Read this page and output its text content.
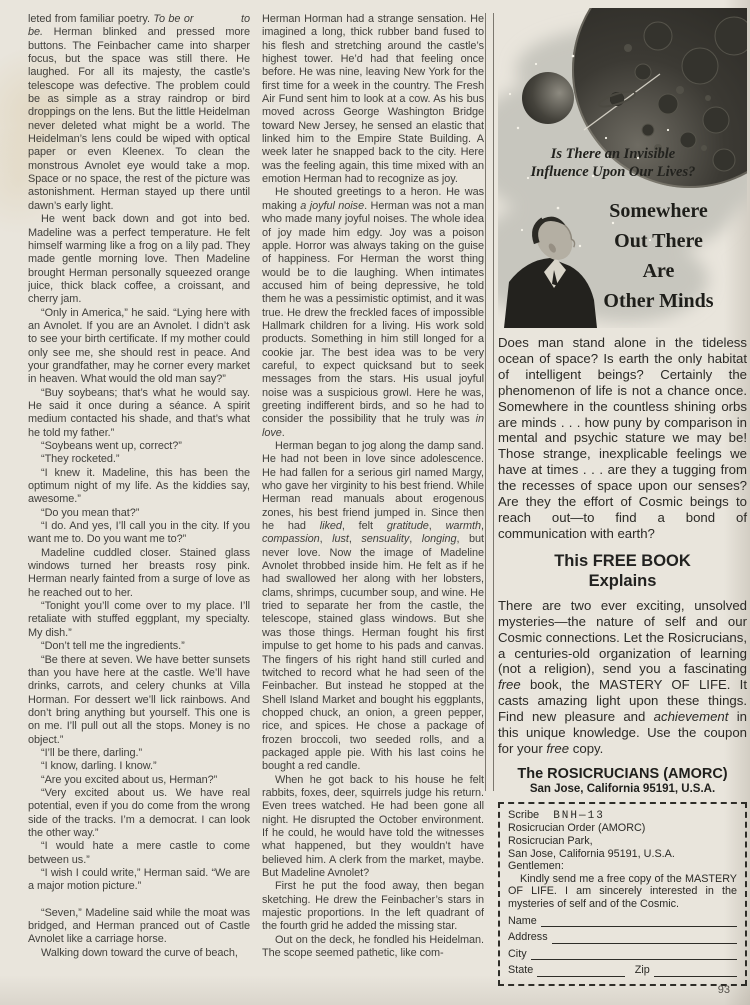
leted from familiar poetry. To be or              to be. Herman blinked and pressed more buttons. The Feinbacher came into sharper focus, but the space was still there. He laughed. For all its majesty, the castle’s telescope was defective. The problem could be as simple as a stray raindrop or bird droppings on the lens. But the little Heidelman never deleted what might be a world. The Heidelman’s lens could be wiped with optical paper or even Kleenex. To clean the monstrous Avnolet eye would take a mop. Space or no space, the rest of the picture was astonishment. Herman stayed up there until dawn’s early light.

He went back down and got into bed. Madeline was a perfect temperature. He felt himself warming like a frog on a lily pad. They made gentle morning love. Then Madeline brought Herman personally squeezed orange juice, thick black coffee, a croissant, and cherry jam.

“Only in America,” he said. “Lying here with an Avnolet. If you are an Avnolet. I didn’t ask to see your birth certificate. If my mother could only see me, she should rest in peace. And your grandfather, may he corner every market in heaven. What would the old man say?”

“Buy soybeans; that’s what he would say. He said it once during a séance. A spirit medium contacted his shade, and that’s what he told my father.”

“Soybeans went up, correct?”

“They rocketed.”

“I knew it. Madeline, this has been the optimum night of my life. As the kiddies say, awesome.”

“Do you mean that?”

“I do. And yes, I’ll call you in the city. If you want me to. Do you want me to?”

Madeline cuddled closer. Stained glass windows turned her breasts rosy pink. Herman nearly fainted from a surge of love as he reached out to her.

“Tonight you’ll come over to my place. I’ll retaliate with stuffed eggplant, my specialty. My dish.”

“Don’t tell me the ingredients.”

“Be there at seven. We have better sunsets than you have here at the castle. We’ll have drinks, carrots, and celery chunks at Villa Horman. For dessert we’ll lick rainbows. And don’t bring anything but yourself. This one is on me. I’ll pull out all the stops. Money is no object.”

“I’ll be there, darling.”

“I know, darling. I know.”

“Are you excited about us, Herman?”

“Very excited about us. We have real potential, even if you do come from the wrong side of the tracks. I’m a democrat. I can look the other way.”

“I would hate a mere castle to come between us.”

“I wish I could write,” Herman said. “We are a major motion picture.”

“Seven,” Madeline said while the moat was bridged, and Herman pranced out of Castle Avnolet like a carriage horse.

Walking down toward the curve of beach,

Herman Horman had a strange sensation. He imagined a long, thick rubber band fused to his flesh and stretching around the castle’s highest tower. He’d had that feeling once before. He was nine, leaving New York for the first time for a week in the country. The Fresh Air Fund sent him to look at a cow. As his bus moved across George Washington Bridge toward New Jersey, he sensed an elastic that linked him to the Empire State Building. A week later he snapped back to the city. Here was the feeling again, this time mixed with an emotion Herman had to recognize as joy.

He shouted greetings to a heron. He was making a joyful noise. Herman was not a man who made many joyful noises. The whole idea of joy made him edgy. Joy was a poison apple. Horror was always taking on the guise of happiness. For Herman the worst thing would be to die laughing. When intimates accused him of being depressive, he told them he was a pessimistic optimist, and it was true. He drew the freckled faces of impossible Hallmark children for a living. His work sold products. Something in him still longed for a cookie jar. The best idea was to be very careful, to expect quicksand but to seek messages from the stars. His usual joyful noise was a suspicious growl. Here he was, greeting indifferent birds, and so he had to consider the possibility that he truly was in love.

Herman began to jog along the damp sand. He had not been in love since adolescence. He had fallen for a serious girl named Margy, who gave her virginity to his best friend. While Herman read manuals about erogenous zones, his best friend jumped in. Since then he had liked, felt gratitude, warmth, compassion, lust, sensuality, longing, but never love. Now the image of Madeline Avnolet throbbed inside him. He felt as if he had swallowed her along with her lobsters, clams, shrimps, cucumber soup, and wine. He tried to separate her from the castle, the telescope, stained glass windows. But she was those things. Herman fought his first impulse to get home to his pads and canvas. The fingers of his right hand still curled and twitched to record what he had seen of the Feinbacher. But instead he stopped at the Shell Island Market and bought his eggplants, chopped chuck, an onion, a green pepper, rice, and spices. He chose a package of frozen broccoli, two seeded rolls, and a packaged apple pie. With his last coins he bought a red candle.

When he got back to his house he felt rabbits, foxes, deer, squirrels judge his return. Even trees watched. He had been gone all night. He disrupted the October environment. If he could, he would have told the witnesses what happened, but they wouldn’t have believed him. A clerk from the market, maybe. But Madeline Avnolet?

First he put the food away, then began sketching. He drew the Feinbacher’s stars in majestic proportions. In the left quadrant of the fourth grid he added the missing star.

Out on the deck, he fondled his Heidelman. The scope seemed pathetic, like com-

Is There an Invisible
Influence Upon Our Lives?
Somewhere
Out There
Are
Other Minds

Does man stand alone in the tideless ocean of space? Is earth the only habitat of intelligent beings? Certainly the phenomenon of life is not a chance once. Somewhere in the countless shining orbs are minds . . . how puny by comparison in mental and psychic stature we may be! Those strange, inexplicable feelings we have at times . . . are they a tugging from the recesses of space upon our senses? Are they the effort of Cosmic beings to reach out—to find a bond of communication with earth?

This FREE BOOK
Explains

There are two ever exciting, unsolved mysteries—the nature of self and our Cosmic connections. Let the Rosicrucians, a centuries-old organization of learning (not a religion), send you a fascinating free book, the MASTERY OF LIFE. It casts amazing light upon these things. Find new pleasure and achievement in this unique knowledge. Use the coupon for your free copy.

The ROSICRUCIANS (AMORC)
San Jose, California 95191, U.S.A.
Scribe BNH—13
Rosicrucian Order (AMORC)
Rosicrucian Park,
San Jose, California 95191, U.S.A.
Gentlemen:

Kindly send me a free copy of the MASTERY OF LIFE. I am sincerely interested in the mysteries of self and of the Cosmic.

Name
Address
City
State	Zip
93
